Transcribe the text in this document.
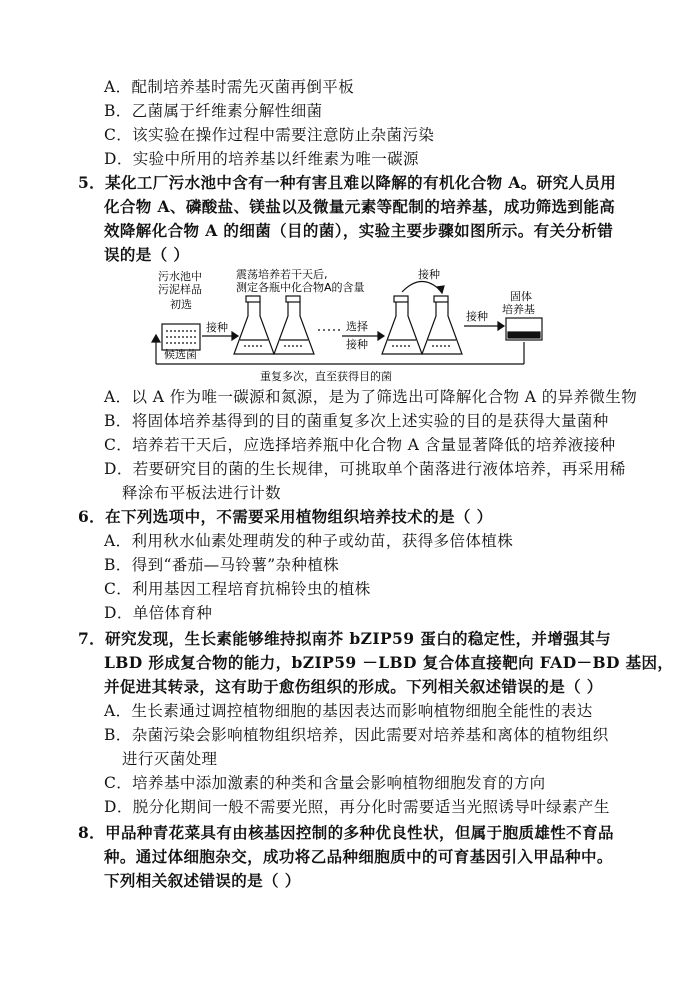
A．配制培养基时需先灭菌再倒平板
B．乙菌属于纤维素分解性细菌
C．该实验在操作过程中需要注意防止杂菌污染
D．实验中所用的培养基以纤维素为唯一碳源
5．某化工厂污水池中含有一种有害且难以降解的有机化合物 A。研究人员用
化合物 A、磷酸盐、镁盐以及微量元素等配制的培养基，成功筛选到能高
效降解化合物 A 的细菌（目的菌），实验主要步骤如图所示。有关分析错
误的是（ ）
污水池中
污泥样品
初选
接种
候选菌
震荡培养若干天后,
测定各瓶中化合物A的含量
选择
接种
接种
接种
固体
培养基
重复多次，直至获得目的菌
A．以 A 作为唯一碳源和氮源，是为了筛选出可降解化合物 A 的异养微生物
B．将固体培养基得到的目的菌重复多次上述实验的目的是获得大量菌种
C．培养若干天后，应选择培养瓶中化合物 A 含量显著降低的培养液接种
D．若要研究目的菌的生长规律，可挑取单个菌落进行液体培养，再采用稀
释涂布平板法进行计数
6．在下列选项中，不需要采用植物组织培养技术的是（ ）
A．利用秋水仙素处理萌发的种子或幼苗，获得多倍体植株
B．得到“番茄—马铃薯”杂种植株
C．利用基因工程培育抗棉铃虫的植株
D．单倍体育种
7．研究发现，生长素能够维持拟南芥 bZIP59 蛋白的稳定性，并增强其与
LBD 形成复合物的能力，bZIP59 －LBD 复合体直接靶向 FAD－BD 基因，
并促进其转录，这有助于愈伤组织的形成。下列相关叙述错误的是（ ）
A．生长素通过调控植物细胞的基因表达而影响植物细胞全能性的表达
B．杂菌污染会影响植物组织培养，因此需要对培养基和离体的植物组织
进行灭菌处理
C．培养基中添加激素的种类和含量会影响植物细胞发育的方向
D．脱分化期间一般不需要光照，再分化时需要适当光照诱导叶绿素产生
8．甲品种青花菜具有由核基因控制的多种优良性状，但属于胞质雄性不育品
种。通过体细胞杂交，成功将乙品种细胞质中的可育基因引入甲品种中。
下列相关叙述错误的是（ ）
